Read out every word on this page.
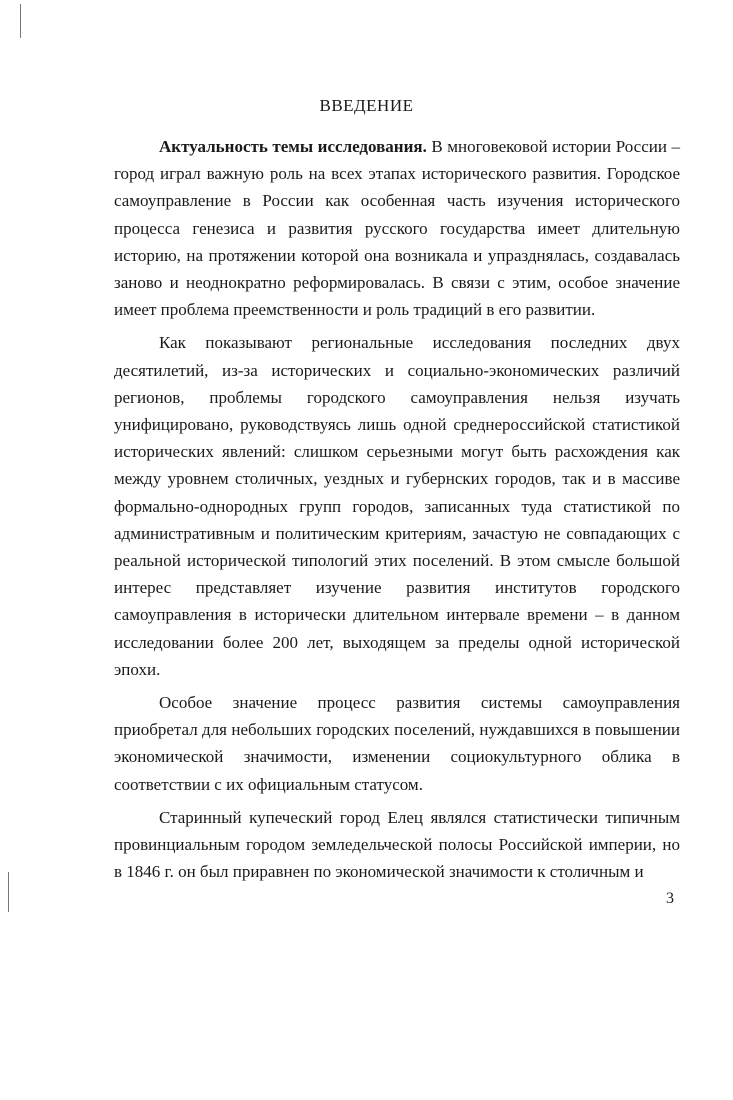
ВВЕДЕНИЕ

Актуальность темы исследования. В многовековой истории России – город играл важную роль на всех этапах исторического развития. Городское самоуправление в России как особенная часть изучения исторического процесса генезиса и развития русского государства имеет длительную историю, на протяжении которой она возникала и упразднялась, создавалась заново и неоднократно реформировалась. В связи с этим, особое значение имеет проблема преемственности и роль традиций в его развитии.

Как показывают региональные исследования последних двух десятилетий, из-за исторических и социально-экономических различий регионов, проблемы городского самоуправления нельзя изучать унифицировано, руководствуясь лишь одной среднероссийской статистикой исторических явлений: слишком серьезными могут быть расхождения как между уровнем столичных, уездных и губернских городов, так и в массиве формально-однородных групп городов, записанных туда статистикой по административным и политическим критериям, зачастую не совпадающих с реальной исторической типологий этих поселений. В этом смысле большой интерес представляет изучение развития институтов городского самоуправления в исторически длительном интервале времени – в данном исследовании более 200 лет, выходящем за пределы одной исторической эпохи.

Особое значение процесс развития системы самоуправления приобретал для небольших городских поселений, нуждавшихся в повышении экономической значимости, изменении социокультурного облика в соответствии с их официальным статусом.

Старинный купеческий город Елец являлся статистически типичным провинциальным городом земледельческой полосы Российской империи, но в 1846 г. он был приравнен по экономической значимости к столичным и

3
